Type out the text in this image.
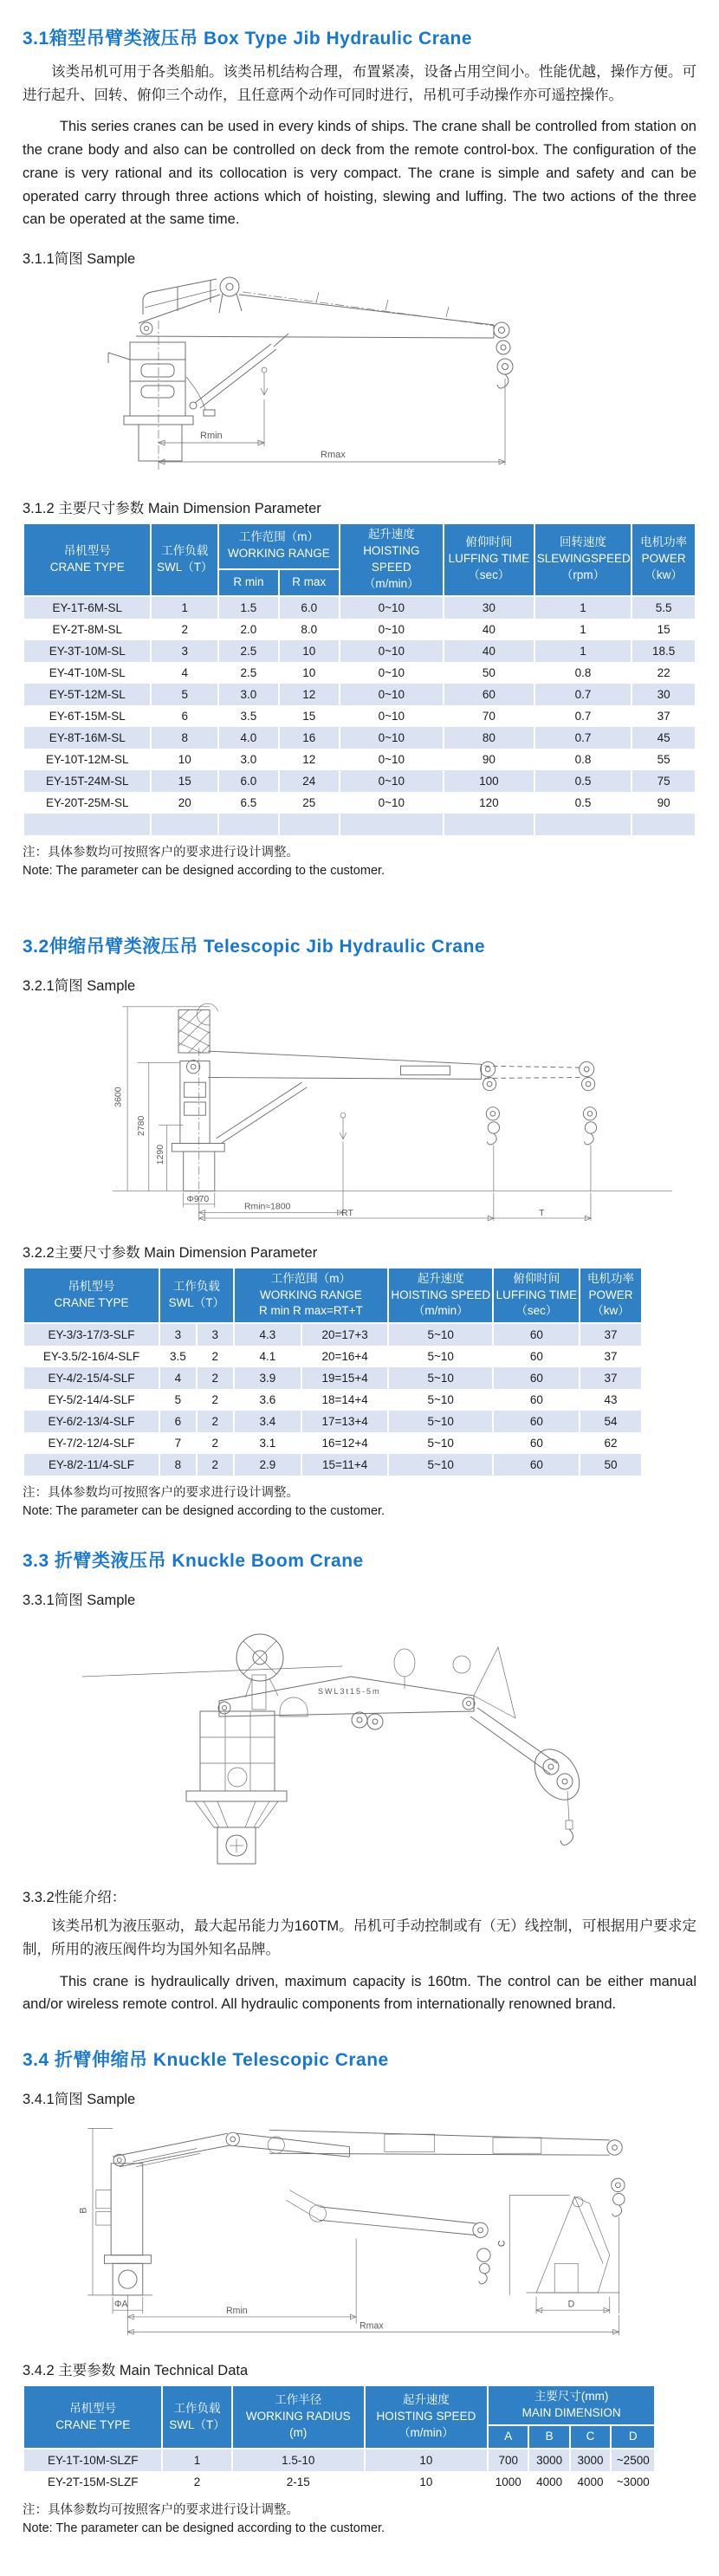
3.1箱型吊臂类液压吊 Box Type Jib Hydraulic Crane

该类吊机可用于各类船舶。该类吊机结构合理，布置紧凑，设备占用空间小。性能优越，操作方便。可进行起升、回转、俯仰三个动作，且任意两个动作可同时进行，吊机可手动操作亦可遥控操作。

This series cranes can be used in every kinds of ships. The crane shall be controlled from station on the crane body and also can be controlled on deck from the remote control-box. The configuration of the crane is very rational and its collocation is very compact. The crane is simple and safety and can be operated carry through three actions which of hoisting, slewing and luffing. The two actions of the three can be operated at the same time.

3.1.1简图 Sample
Rmin
Rmax
3.1.2 主要尺寸参数 Main Dimension Parameter
吊机型号
CRANE TYPE

工作负载
SWL（T）

工作范围（m）
WORKING RANGE

起升速度
HOISTING SPEED
（m/min）

俯仰时间
LUFFING TIME
（sec）

回转速度
SLEWINGSPEED
（rpm）

电机功率
POWER
（kw）

		R min	R max				
EY-1T-6M-SL	1	1.5	6.0	0~10	30	1	5.5
EY-2T-8M-SL	2	2.0	8.0	0~10	40	1	15
EY-3T-10M-SL	3	2.5	10	0~10	40	1	18.5
EY-4T-10M-SL	4	2.5	10	0~10	50	0.8	22
EY-5T-12M-SL	5	3.0	12	0~10	60	0.7	30
EY-6T-15M-SL	6	3.5	15	0~10	70	0.7	37
EY-8T-16M-SL	8	4.0	16	0~10	80	0.7	45
EY-10T-12M-SL	10	3.0	12	0~10	90	0.8	55
EY-15T-24M-SL	15	6.0	24	0~10	100	0.5	75
EY-20T-25M-SL	20	6.5	25	0~10	120	0.5	90

注：具体参数均可按照客户的要求进行设计调整。
Note: The parameter can be designed according to the customer.
3.2伸缩吊臂类液压吊 Telescopic Jib Hydraulic Crane
3.2.1简图 Sample
3600
2780
1290
Φ970
Rmin≈1800
RT	T
3.2.2主要尺寸参数 Main Dimension Parameter
吊机型号
CRANE TYPE

工作负载
SWL（T）

工作范围（m）
WORKING RANGE
R min R max=RT+T

起升速度
HOISTING SPEED
（m/min）

俯仰时间
LUFFING TIME
（sec）

电机功率
POWER
（kw）

EY-3/3-17/3-SLF	3	3	4.3	20=17+3	5~10	60	37
EY-3.5/2-16/4-SLF	3.5	2	4.1	20=16+4	5~10	60	37
EY-4/2-15/4-SLF	4	2	3.9	19=15+4	5~10	60	37
EY-5/2-14/4-SLF	5	2	3.6	18=14+4	5~10	60	43
EY-6/2-13/4-SLF	6	2	3.4	17=13+4	5~10	60	54
EY-7/2-12/4-SLF	7	2	3.1	16=12+4	5~10	60	62
EY-8/2-11/4-SLF	8	2	2.9	15=11+4	5~10	60	50
注：具体参数均可按照客户的要求进行设计调整。
Note: The parameter can be designed according to the customer.
3.3 折臂类液压吊 Knuckle Boom Crane
3.3.1简图 Sample
SWL3t15-5m
3.3.2性能介绍：

该类吊机为液压驱动，最大起吊能力为160TM。吊机可手动控制或有（无）线控制，可根据用户要求定制，所用的液压阀件均为国外知名品牌。

This crane is hydraulically driven, maximum capacity is 160tm. The control can be either manual and/or wireless remote control. All hydraulic components from internationally renowned brand.

3.4 折臂伸缩吊 Knuckle Telescopic Crane
3.4.1简图 Sample
B
ΦA
C
D
Rmin
Rmax
3.4.2 主要参数 Main Technical Data
吊机型号
CRANE TYPE

工作负载
SWL（T）

工作半径
WORKING RADIUS
(m)

起升速度
HOISTING SPEED
（m/min）

主要尺寸(mm)
MAIN DIMENSION

				A	B	C	D
EY-1T-10M-SLZF	1	1.5-10	10	700	3000	3000	~2500
EY-2T-15M-SLZF	2	2-15	10	1000	4000	4000	~3000
注：具体参数均可按照客户的要求进行设计调整。
Note: The parameter can be designed according to the customer.
